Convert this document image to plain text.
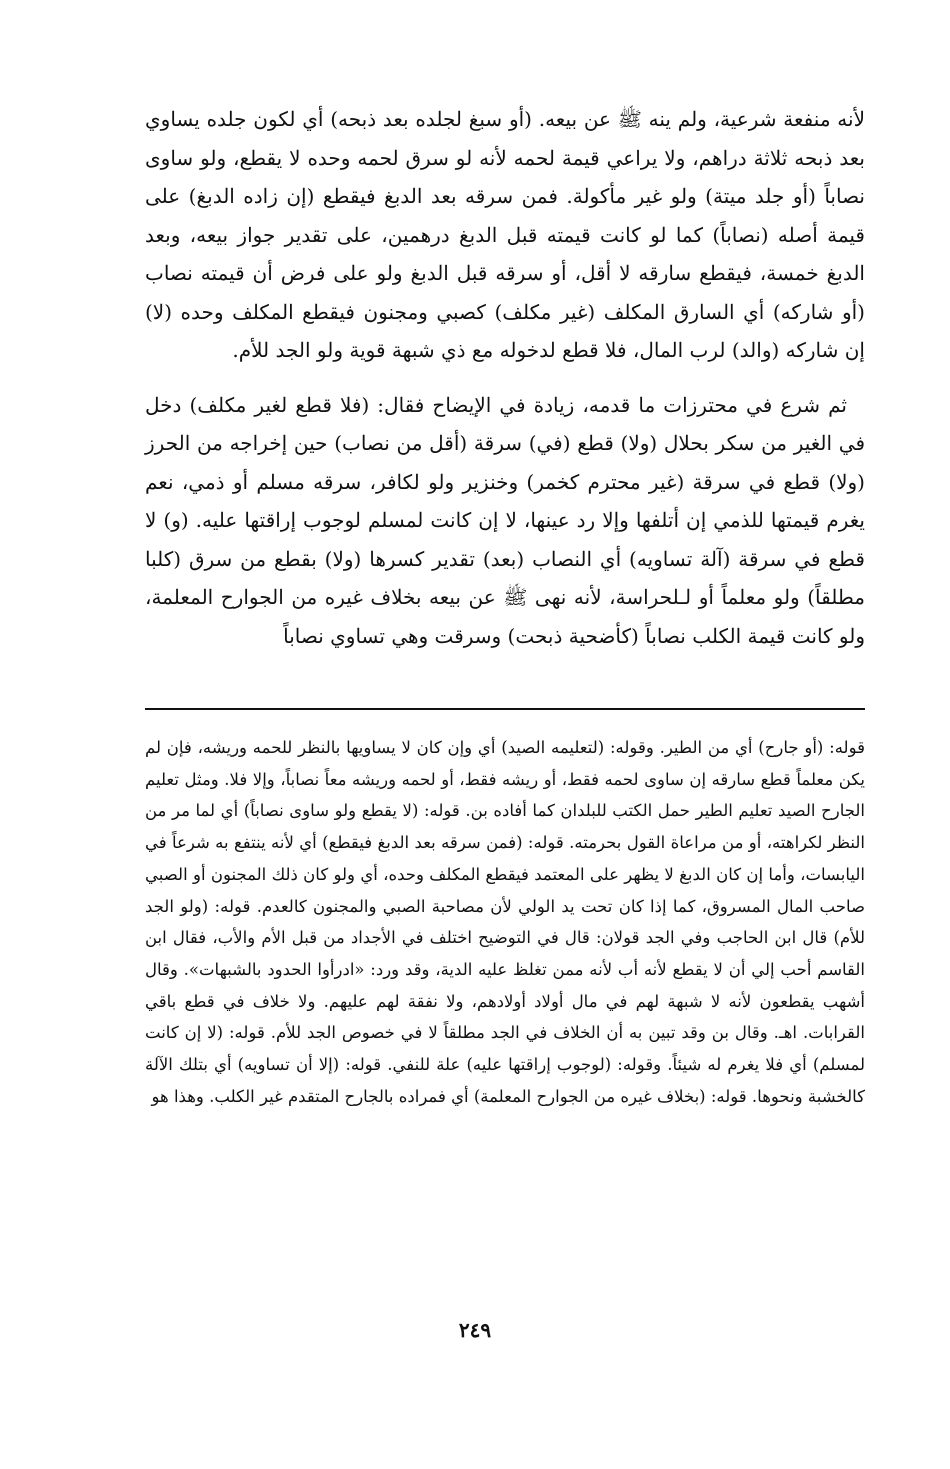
لأنه منفعة شرعية، ولم ينه ﷺ عن بيعه. (أو سبغ لجلده بعد ذبحه) أي لكون جلده يساوي بعد ذبحه ثلاثة دراهم، ولا يراعي قيمة لحمه لأنه لو سرق لحمه وحده لا يقطع، ولو ساوى نصاباً (أو جلد ميتة) ولو غير مأكولة. فمن سرقه بعد الدبغ فيقطع (إن زاده الدبغ) على قيمة أصله (نصاباً) كما لو كانت قيمته قبل الدبغ درهمين، على تقدير جواز بيعه، وبعد الدبغ خمسة، فيقطع سارقه لا أقل، أو سرقه قبل الدبغ ولو على فرض أن قيمته نصاب (أو شاركه) أي السارق المكلف (غير مكلف) كصبي ومجنون فيقطع المكلف وحده (لا) إن شاركه (والد) لرب المال، فلا قطع لدخوله مع ذي شبهة قوية ولو الجد للأم.

ثم شرع في محترزات ما قدمه، زيادة في الإيضاح فقال: (فلا قطع لغير مكلف) دخل في الغير من سكر بحلال (ولا) قطع (في) سرقة (أقل من نصاب) حين إخراجه من الحرز (ولا) قطع في سرقة (غير محترم كخمر) وخنزير ولو لكافر، سرقه مسلم أو ذمي، نعم يغرم قيمتها للذمي إن أتلفها وإلا رد عينها، لا إن كانت لمسلم لوجوب إراقتها عليه. (و) لا قطع في سرقة (آلة تساويه) أي النصاب (بعد) تقدير كسرها (ولا) بقطع من سرق (كلبا مطلقاً) ولو معلماً أو لـلحراسة، لأنه نهى ﷺ عن بيعه بخلاف غيره من الجوارح المعلمة، ولو كانت قيمة الكلب نصاباً (كأضحية ذبحت) وسرقت وهي تساوي نصاباً

قوله: (أو جارح) أي من الطير. وقوله: (لتعليمه الصيد) أي وإن كان لا يساويها بالنظر للحمه وريشه، فإن لم يكن معلماً قطع سارقه إن ساوى لحمه فقط، أو ريشه فقط، أو لحمه وريشه معاً نصاباً، وإلا فلا. ومثل تعليم الجارح الصيد تعليم الطير حمل الكتب للبلدان كما أفاده بن. قوله: (لا يقطع ولو ساوى نصاباً) أي لما مر من النظر لكراهته، أو من مراعاة القول بحرمته. قوله: (فمن سرقه بعد الدبغ فيقطع) أي لأنه ينتفع به شرعاً في اليابسات، وأما إن كان الدبغ لا يظهر على المعتمد فيقطع المكلف وحده، أي ولو كان ذلك المجنون أو الصبي صاحب المال المسروق، كما إذا كان تحت يد الولي لأن مصاحبة الصبي والمجنون كالعدم. قوله: (ولو الجد للأم) قال ابن الحاجب وفي الجد قولان: قال في التوضيح اختلف في الأجداد من قبل الأم والأب، فقال ابن القاسم أحب إلي أن لا يقطع لأنه أب لأنه ممن تغلظ عليه الدية، وقد ورد: «ادرأوا الحدود بالشبهات». وقال أشهب يقطعون لأنه لا شبهة لهم في مال أولاد أولادهم، ولا نفقة لهم عليهم. ولا خلاف في قطع باقي القرابات. اهـ. وقال بن وقد تبين به أن الخلاف في الجد مطلقاً لا في خصوص الجد للأم. قوله: (لا إن كانت لمسلم) أي فلا يغرم له شيئاً. وقوله: (لوجوب إراقتها عليه) علة للنفي. قوله: (إلا أن تساويه) أي بتلك الآلة كالخشبة ونحوها. قوله: (بخلاف غيره من الجوارح المعلمة) أي فمراده بالجارح المتقدم غير الكلب. وهذا هو

٢٤٩
